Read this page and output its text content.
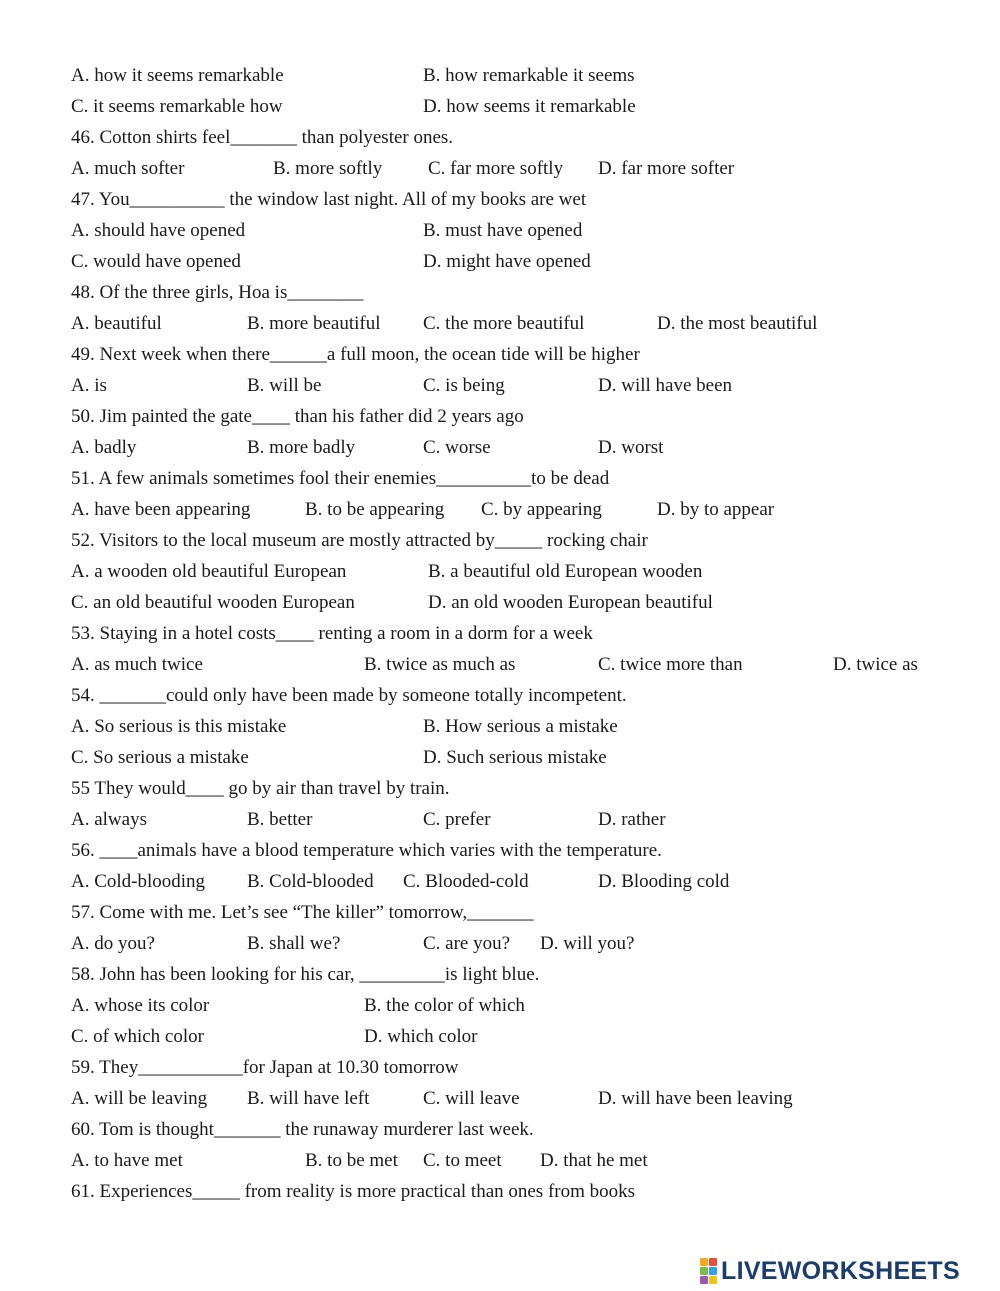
A. how it seems remarkable	B. how remarkable it seems
C. it seems remarkable how	D. how seems it remarkable
46. Cotton shirts feel_______ than polyester ones.
A. much softer	B. more softly C. far more softly D. far more softer
47. You__________ the window last night. All of my books are wet
A. should have opened	B. must have opened
C. would have opened	D. might have opened
48. Of the three girls, Hoa is________
A. beautiful	B. more beautiful C. the more beautiful	D. the most beautiful
49. Next week when there______a full moon, the ocean tide will be higher
A. is	B. will be	C. is being	D. will have been
50. Jim painted the gate____ than his father did 2 years ago
A. badly	B. more badly	C. worse	D. worst
51. A few animals sometimes fool their enemies__________to be dead
A. have been appearing	B. to be appearing C. by appearing	D. by to appear
52. Visitors to the local museum are mostly attracted by_____ rocking chair
A. a wooden old beautiful European	B. a beautiful old European wooden
C. an old beautiful wooden European	D. an old wooden European beautiful
53. Staying in a hotel costs____ renting a room in a dorm for a week
A. as much twice	B. twice as much as	C. twice more than	D. twice as
54. _______could only have been made by someone totally incompetent.
A. So serious is this mistake	B. How serious a mistake
C. So serious a mistake	D. Such serious mistake
55 They would____ go by air than travel by train.
A. always	B. better	C. prefer	D. rather
56. ____animals have a blood temperature which varies with the temperature.
A. Cold-blooding B. Cold-blooded C. Blooded-cold	D. Blooding cold
57. Come with me. Let’s see “The killer” tomorrow,_______
A. do you?	B. shall we?	C. are you? D. will you?
58. John has been looking for his car, _________is light blue.
A. whose its color	B. the color of which
C. of which color	D. which color
59. They___________for Japan at 10.30 tomorrow
A. will be leaving B. will have left	C. will leave	D. will have been leaving
60. Tom is thought_______ the runaway murderer last week.
A. to have met	B. to be met C. to meet D. that he met
61. Experiences_____ from reality is more practical than ones from books
LIVEWORKSHEETS
